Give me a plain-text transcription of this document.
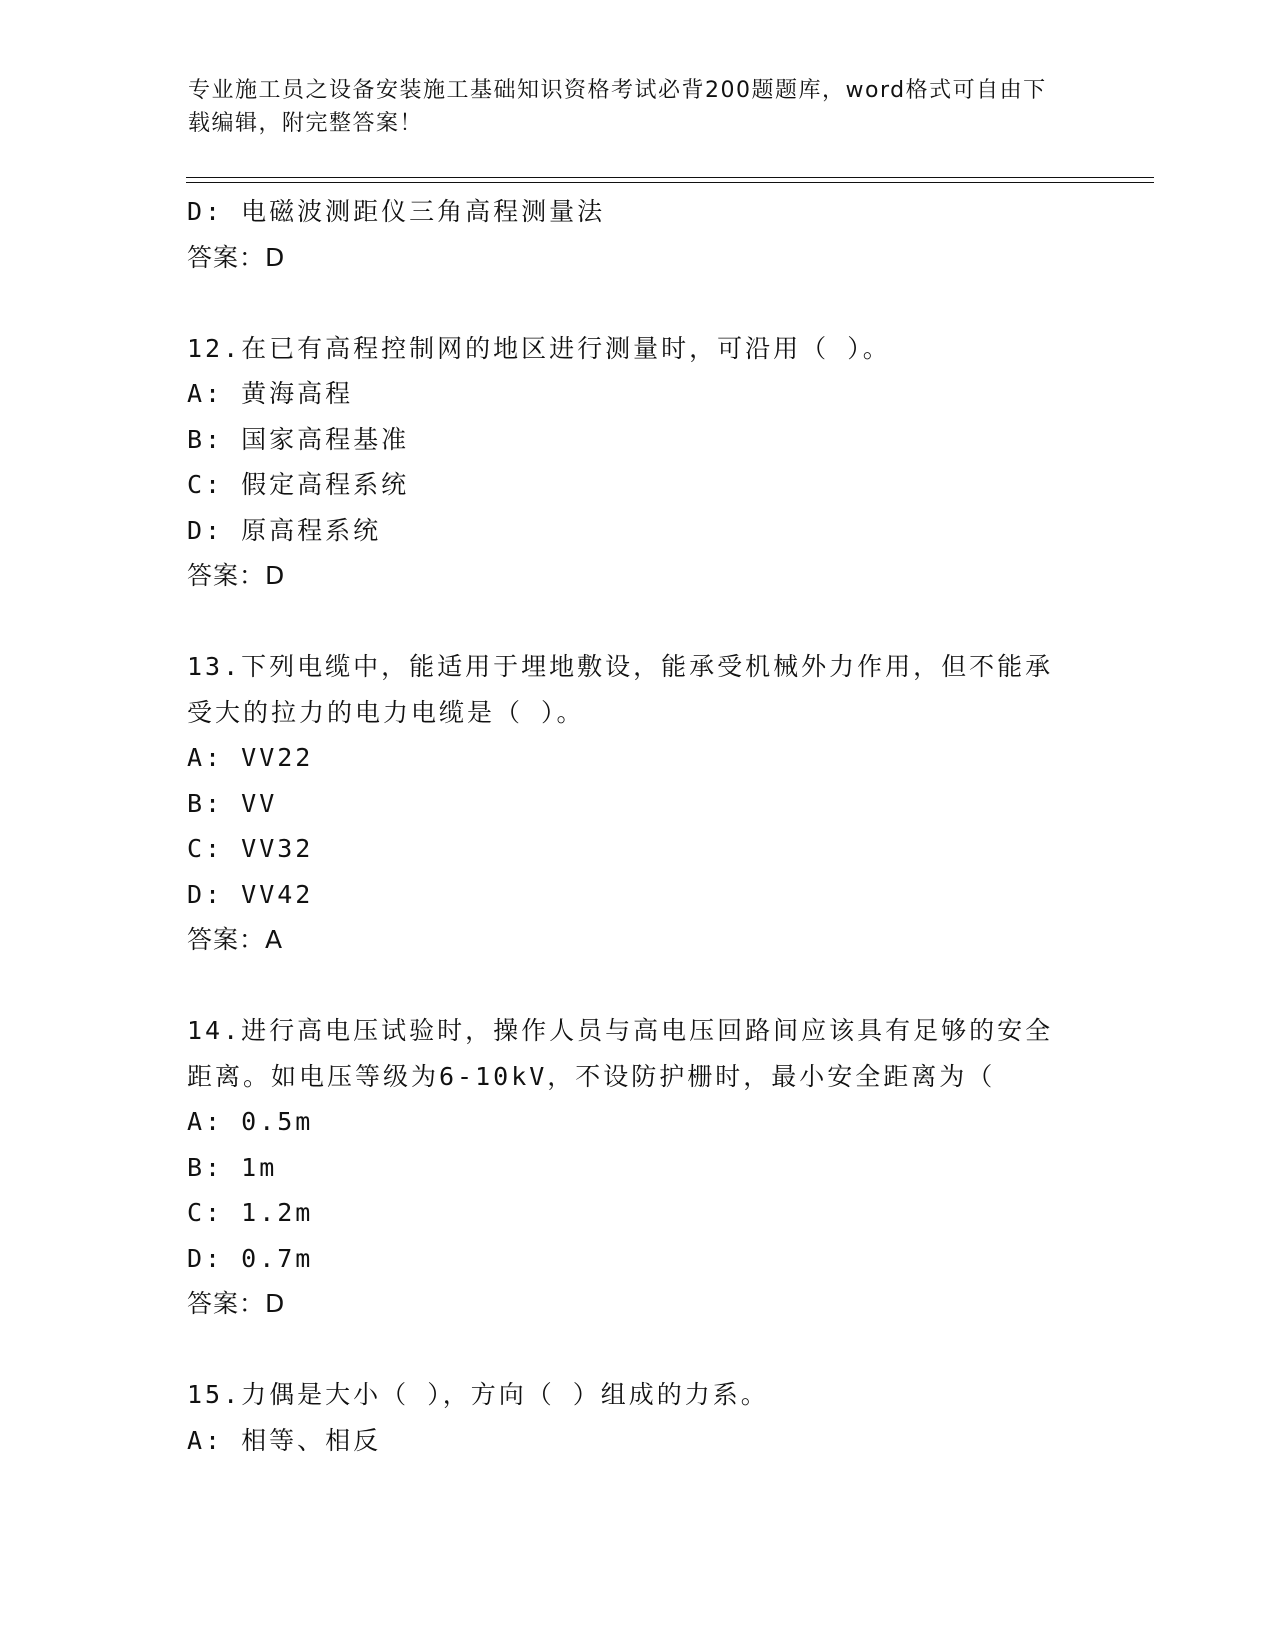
专业施工员之设备安装施工基础知识资格考试必背200题题库，word格式可自由下载编辑，附完整答案！
D: 电磁波测距仪三角高程测量法
答案：D
12.在已有高程控制网的地区进行测量时，可沿用（ ）。
A: 黄海高程
B: 国家高程基准
C: 假定高程系统
D: 原高程系统
答案：D
13.下列电缆中，能适用于埋地敷设，能承受机械外力作用，但不能承
受大的拉力的电力电缆是（ ）。
A: VV22
B: VV
C: VV32
D: VV42
答案：A
14.进行高电压试验时，操作人员与高电压回路间应该具有足够的安全
距离。如电压等级为6-10kV，不设防护栅时，最小安全距离为（
A: 0.5m
B: 1m
C: 1.2m
D: 0.7m
答案：D
15.力偶是大小（ ），方向（ ）组成的力系。
A: 相等、相反
